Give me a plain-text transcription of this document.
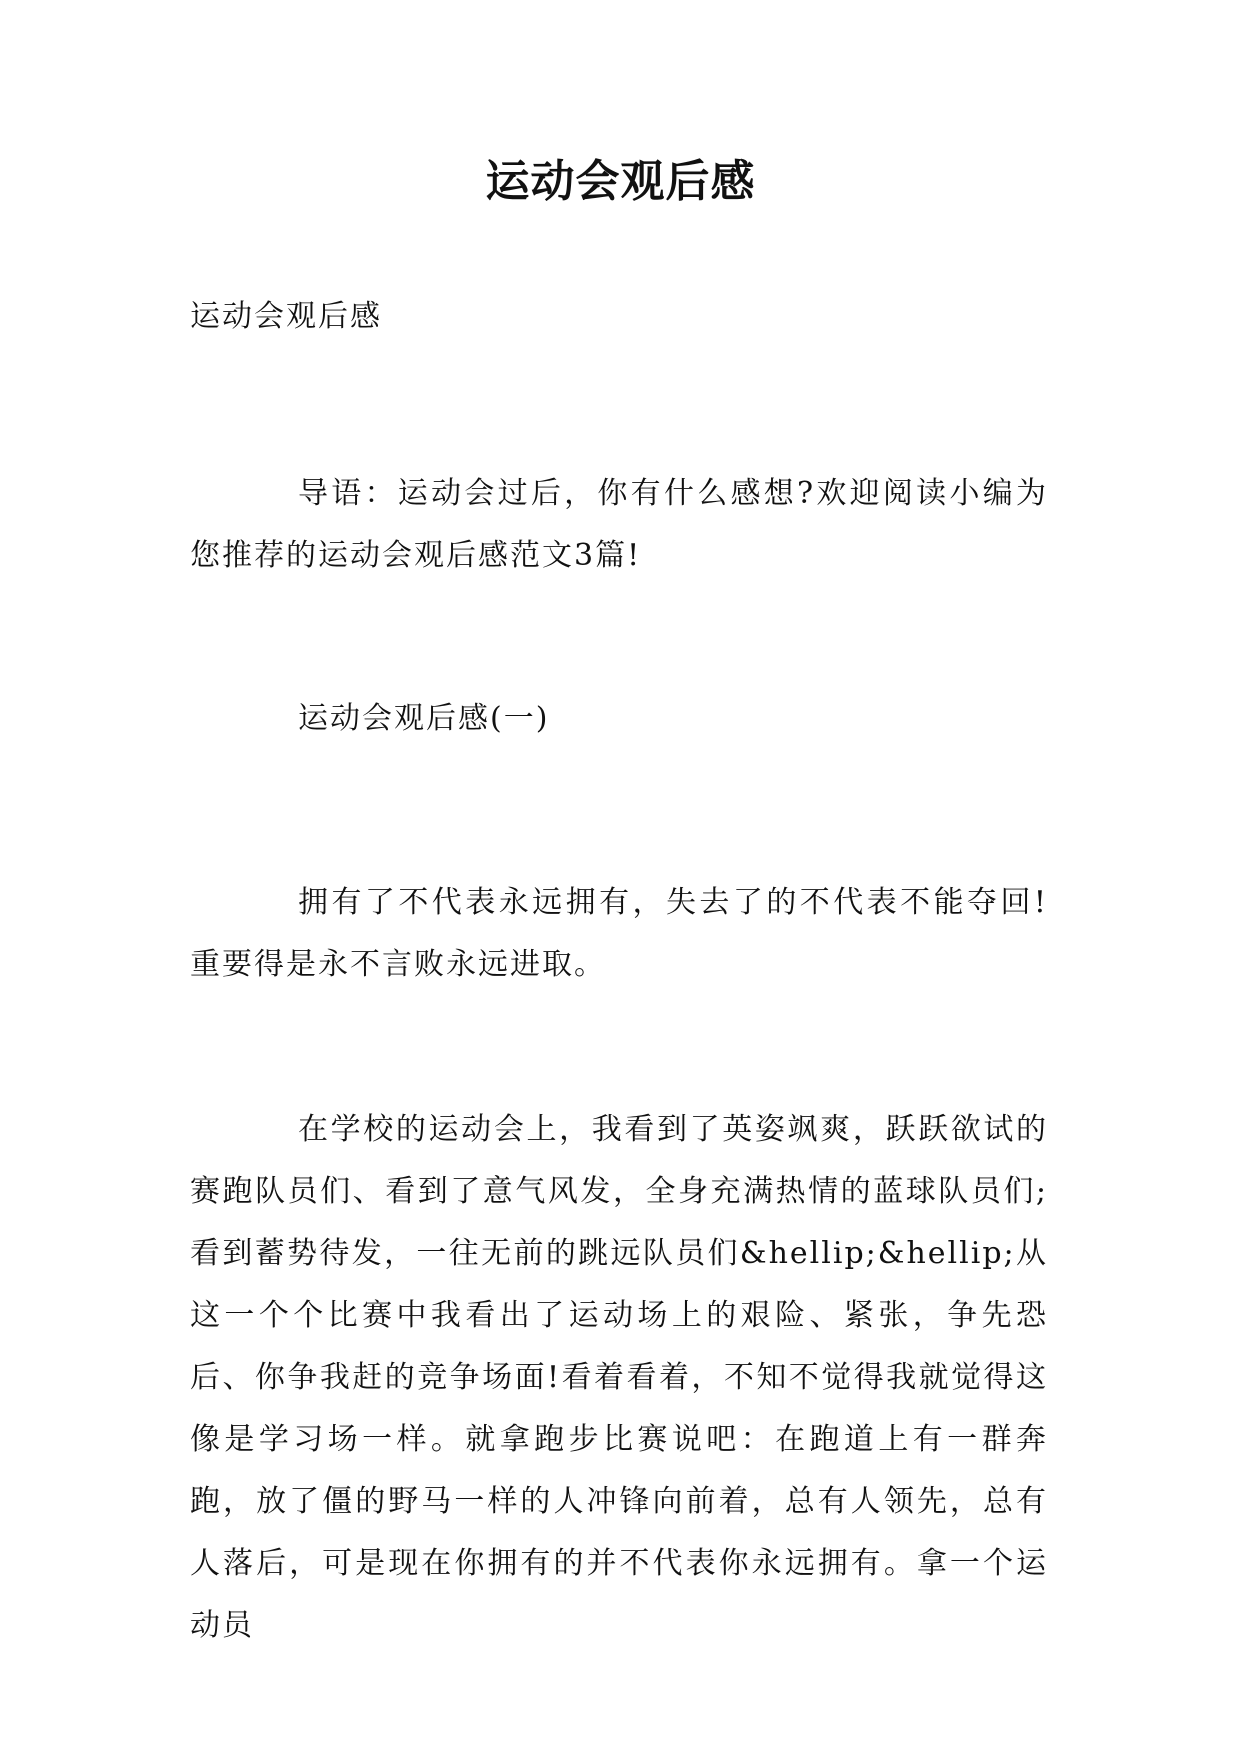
运动会观后感

运动会观后感

导语：运动会过后，你有什么感想?欢迎阅读小编为您推荐的运动会观后感范文3篇!

运动会观后感(一)

拥有了不代表永远拥有，失去了的不代表不能夺回!重要得是永不言败永远进取。

在学校的运动会上，我看到了英姿飒爽，跃跃欲试的赛跑队员们、看到了意气风发，全身充满热情的蓝球队员们;看到蓄势待发，一往无前的跳远队员们&hellip;&hellip;从这一个个比赛中我看出了运动场上的艰险、紧张，争先恐后、你争我赶的竞争场面!看着看着，不知不觉得我就觉得这像是学习场一样。就拿跑步比赛说吧：在跑道上有一群奔跑，放了僵的野马一样的人冲锋向前着，总有人领先，总有人落后，可是现在你拥有的并不代表你永远拥有。拿一个运动员
